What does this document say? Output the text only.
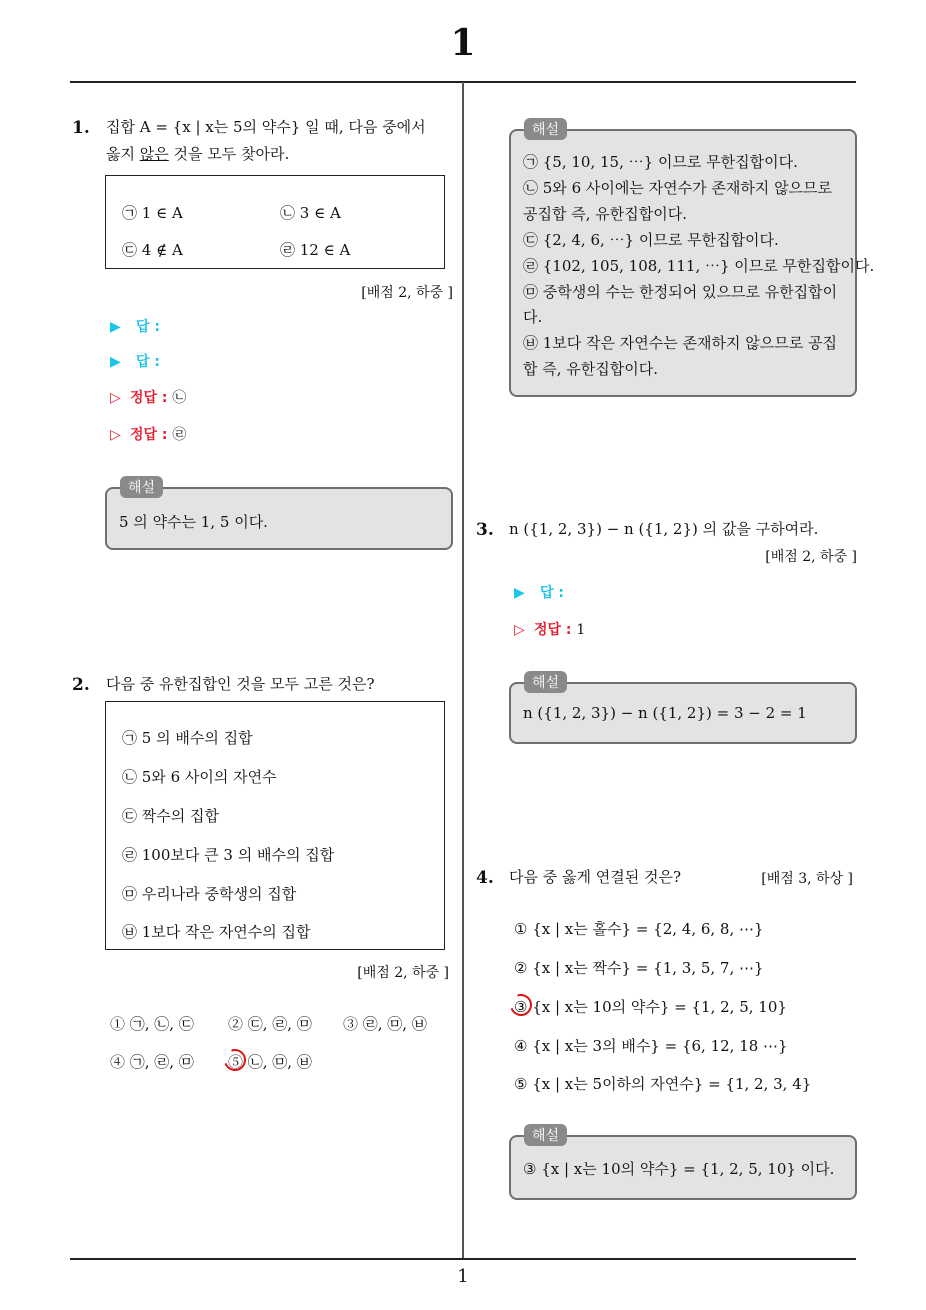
1
1. 집합 A = {x | x는 5의 약수} 일 때, 다음 중에서
옳지 않은 것을 모두 찾아라.
㉠ 1 ∈ A	㉡ 3 ∈ A
㉢ 4 ∉ A	㉣ 12 ∈ A
[배점 2, 하중 ]
▶ 답 :
▶ 답 :
▷ 정답 : ㉡
▷ 정답 : ㉣
5 의 약수는 1, 5 이다.
해설
2. 다음 중 유한집합인 것을 모두 고른 것은?
㉠ 5 의 배수의 집합
㉡ 5와 6 사이의 자연수
㉢ 짝수의 집합
㉣ 100보다 큰 3 의 배수의 집합
㉤ 우리나라 중학생의 집합
㉥ 1보다 작은 자연수의 집합
[배점 2, 하중 ]
① ㉠, ㉡, ㉢ ② ㉢, ㉣, ㉤ ③ ㉣, ㉤, ㉥
④ ㉠, ㉣, ㉤ ⑤ ㉡, ㉤, ㉥
㉠ {5, 10, 15, ⋯} 이므로 무한집합이다.
㉡ 5와 6 사이에는 자연수가 존재하지 않으므로
공집합 즉, 유한집합이다.
㉢ {2, 4, 6, ⋯} 이므로 무한집합이다.
㉣ {102, 105, 108, 111, ⋯} 이므로 무한집합이다.
㉤ 중학생의 수는 한정되어 있으므로 유한집합이
다.
㉥ 1보다 작은 자연수는 존재하지 않으므로 공집
합 즉, 유한집합이다.
해설
3. n ({1, 2, 3}) − n ({1, 2}) 의 값을 구하여라.
[배점 2, 하중 ]
▶ 답 :
▷ 정답 : 1
n ({1, 2, 3}) − n ({1, 2}) = 3 − 2 = 1
해설
4. 다음 중 옳게 연결된 것은?	[배점 3, 하상 ]
① {x | x는 홀수} = {2, 4, 6, 8, ⋯}
② {x | x는 짝수} = {1, 3, 5, 7, ⋯}
③ {x | x는 10의 약수} = {1, 2, 5, 10}
④ {x | x는 3의 배수} = {6, 12, 18 ⋯}
⑤ {x | x는 5이하의 자연수} = {1, 2, 3, 4}
③ {x | x는 10의 약수} = {1, 2, 5, 10} 이다.
해설
1
